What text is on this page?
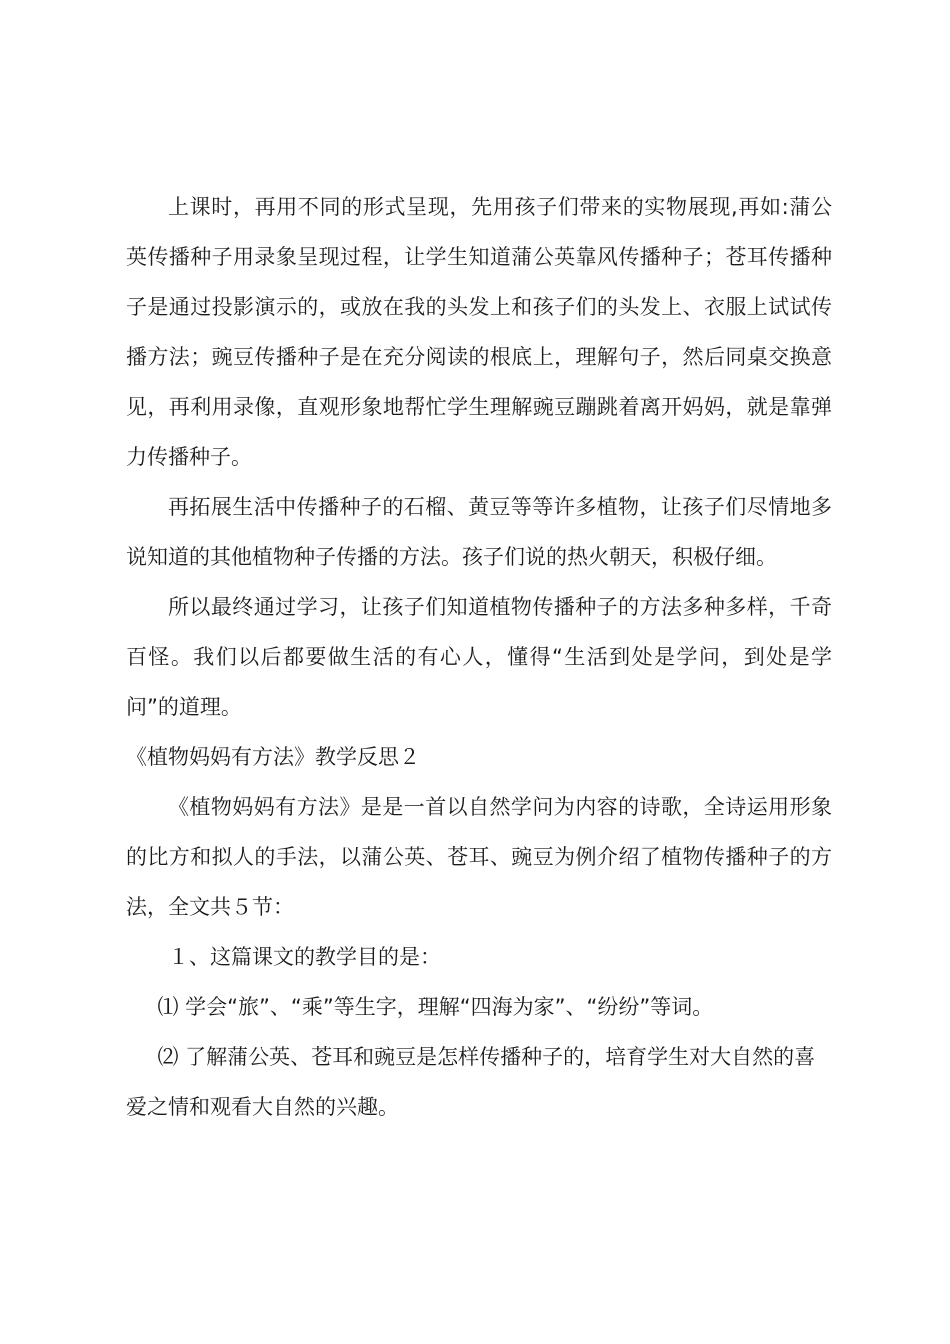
上课时，再用不同的形式呈现，先用孩子们带来的实物展现,再如:蒲公英传播种子用录象呈现过程，让学生知道蒲公英靠风传播种子；苍耳传播种子是通过投影演示的，或放在我的头发上和孩子们的头发上、衣服上试试传播方法；豌豆传播种子是在充分阅读的根底上，理解句子，然后同桌交换意见，再利用录像，直观形象地帮忙学生理解豌豆蹦跳着离开妈妈，就是靠弹力传播种子。

再拓展生活中传播种子的石榴、黄豆等等许多植物，让孩子们尽情地多说知道的其他植物种子传播的方法。孩子们说的热火朝天，积极仔细。

所以最终通过学习，让孩子们知道植物传播种子的方法多种多样，千奇百怪。我们以后都要做生活的有心人，懂得“生活到处是学问，到处是学问”的道理。

《植物妈妈有方法》教学反思２

《植物妈妈有方法》是是一首以自然学问为内容的诗歌，全诗运用形象的比方和拟人的手法，以蒲公英、苍耳、豌豆为例介绍了植物传播种子的方法，全文共５节：

１、这篇课文的教学目的是：

⑴ 学会“旅”、“乘”等生字，理解“四海为家”、“纷纷”等词。

⑵ 了解蒲公英、苍耳和豌豆是怎样传播种子的，培育学生对大自然的喜爱之情和观看大自然的兴趣。
